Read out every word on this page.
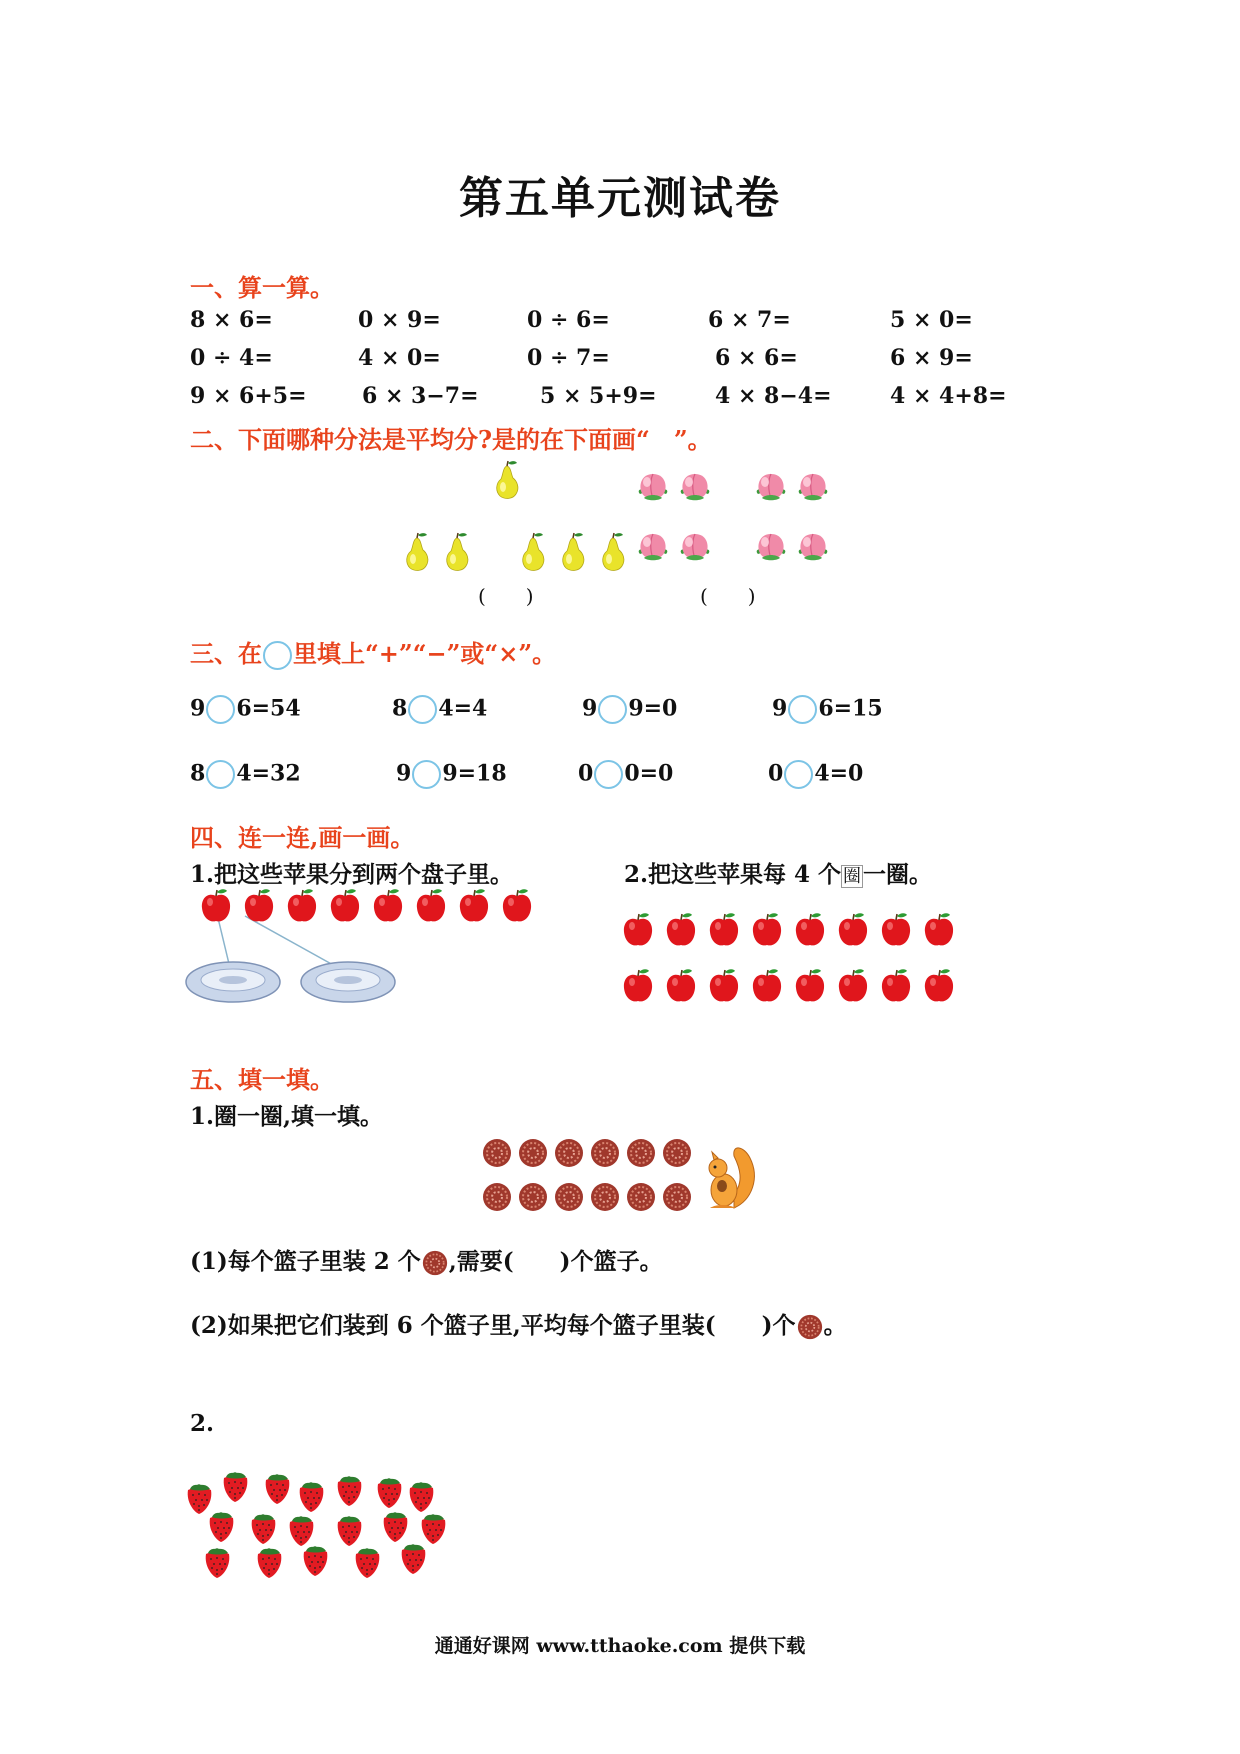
第五单元测试卷
一、算一算。
8 × 6=	0 × 9=	0 ÷ 6=	6 × 7=	5 × 0=
0 ÷ 4=	4 × 0=	0 ÷ 7=	6 × 6=	6 × 9=
9 × 6+5=	6 × 3−7=	5 × 5+9=	4 × 8−4=	4 × 4+8=
二、下面哪种分法是平均分?是的在下面画“　”。
(　　)	(　　)
三、在 里填上“+”“−”或“×”。
9 6=54	8 4=4	9 9=0	9 6=15
8 4=32	9 9=18	0 0=0	0 4=0
四、连一连,画一画。
1.把这些苹果分到两个盘子里。	2.把这些苹果每 4 个 圈一圈。
五、填一填。
1.圈一圈,填一填。
(1)每个篮子里装 2 个 ,需要(　　)个篮子。
(2)如果把它们装到 6 个篮子里,平均每个篮子里装(　　)个 。
2.
通通好课网 www.tthaoke.com 提供下载
